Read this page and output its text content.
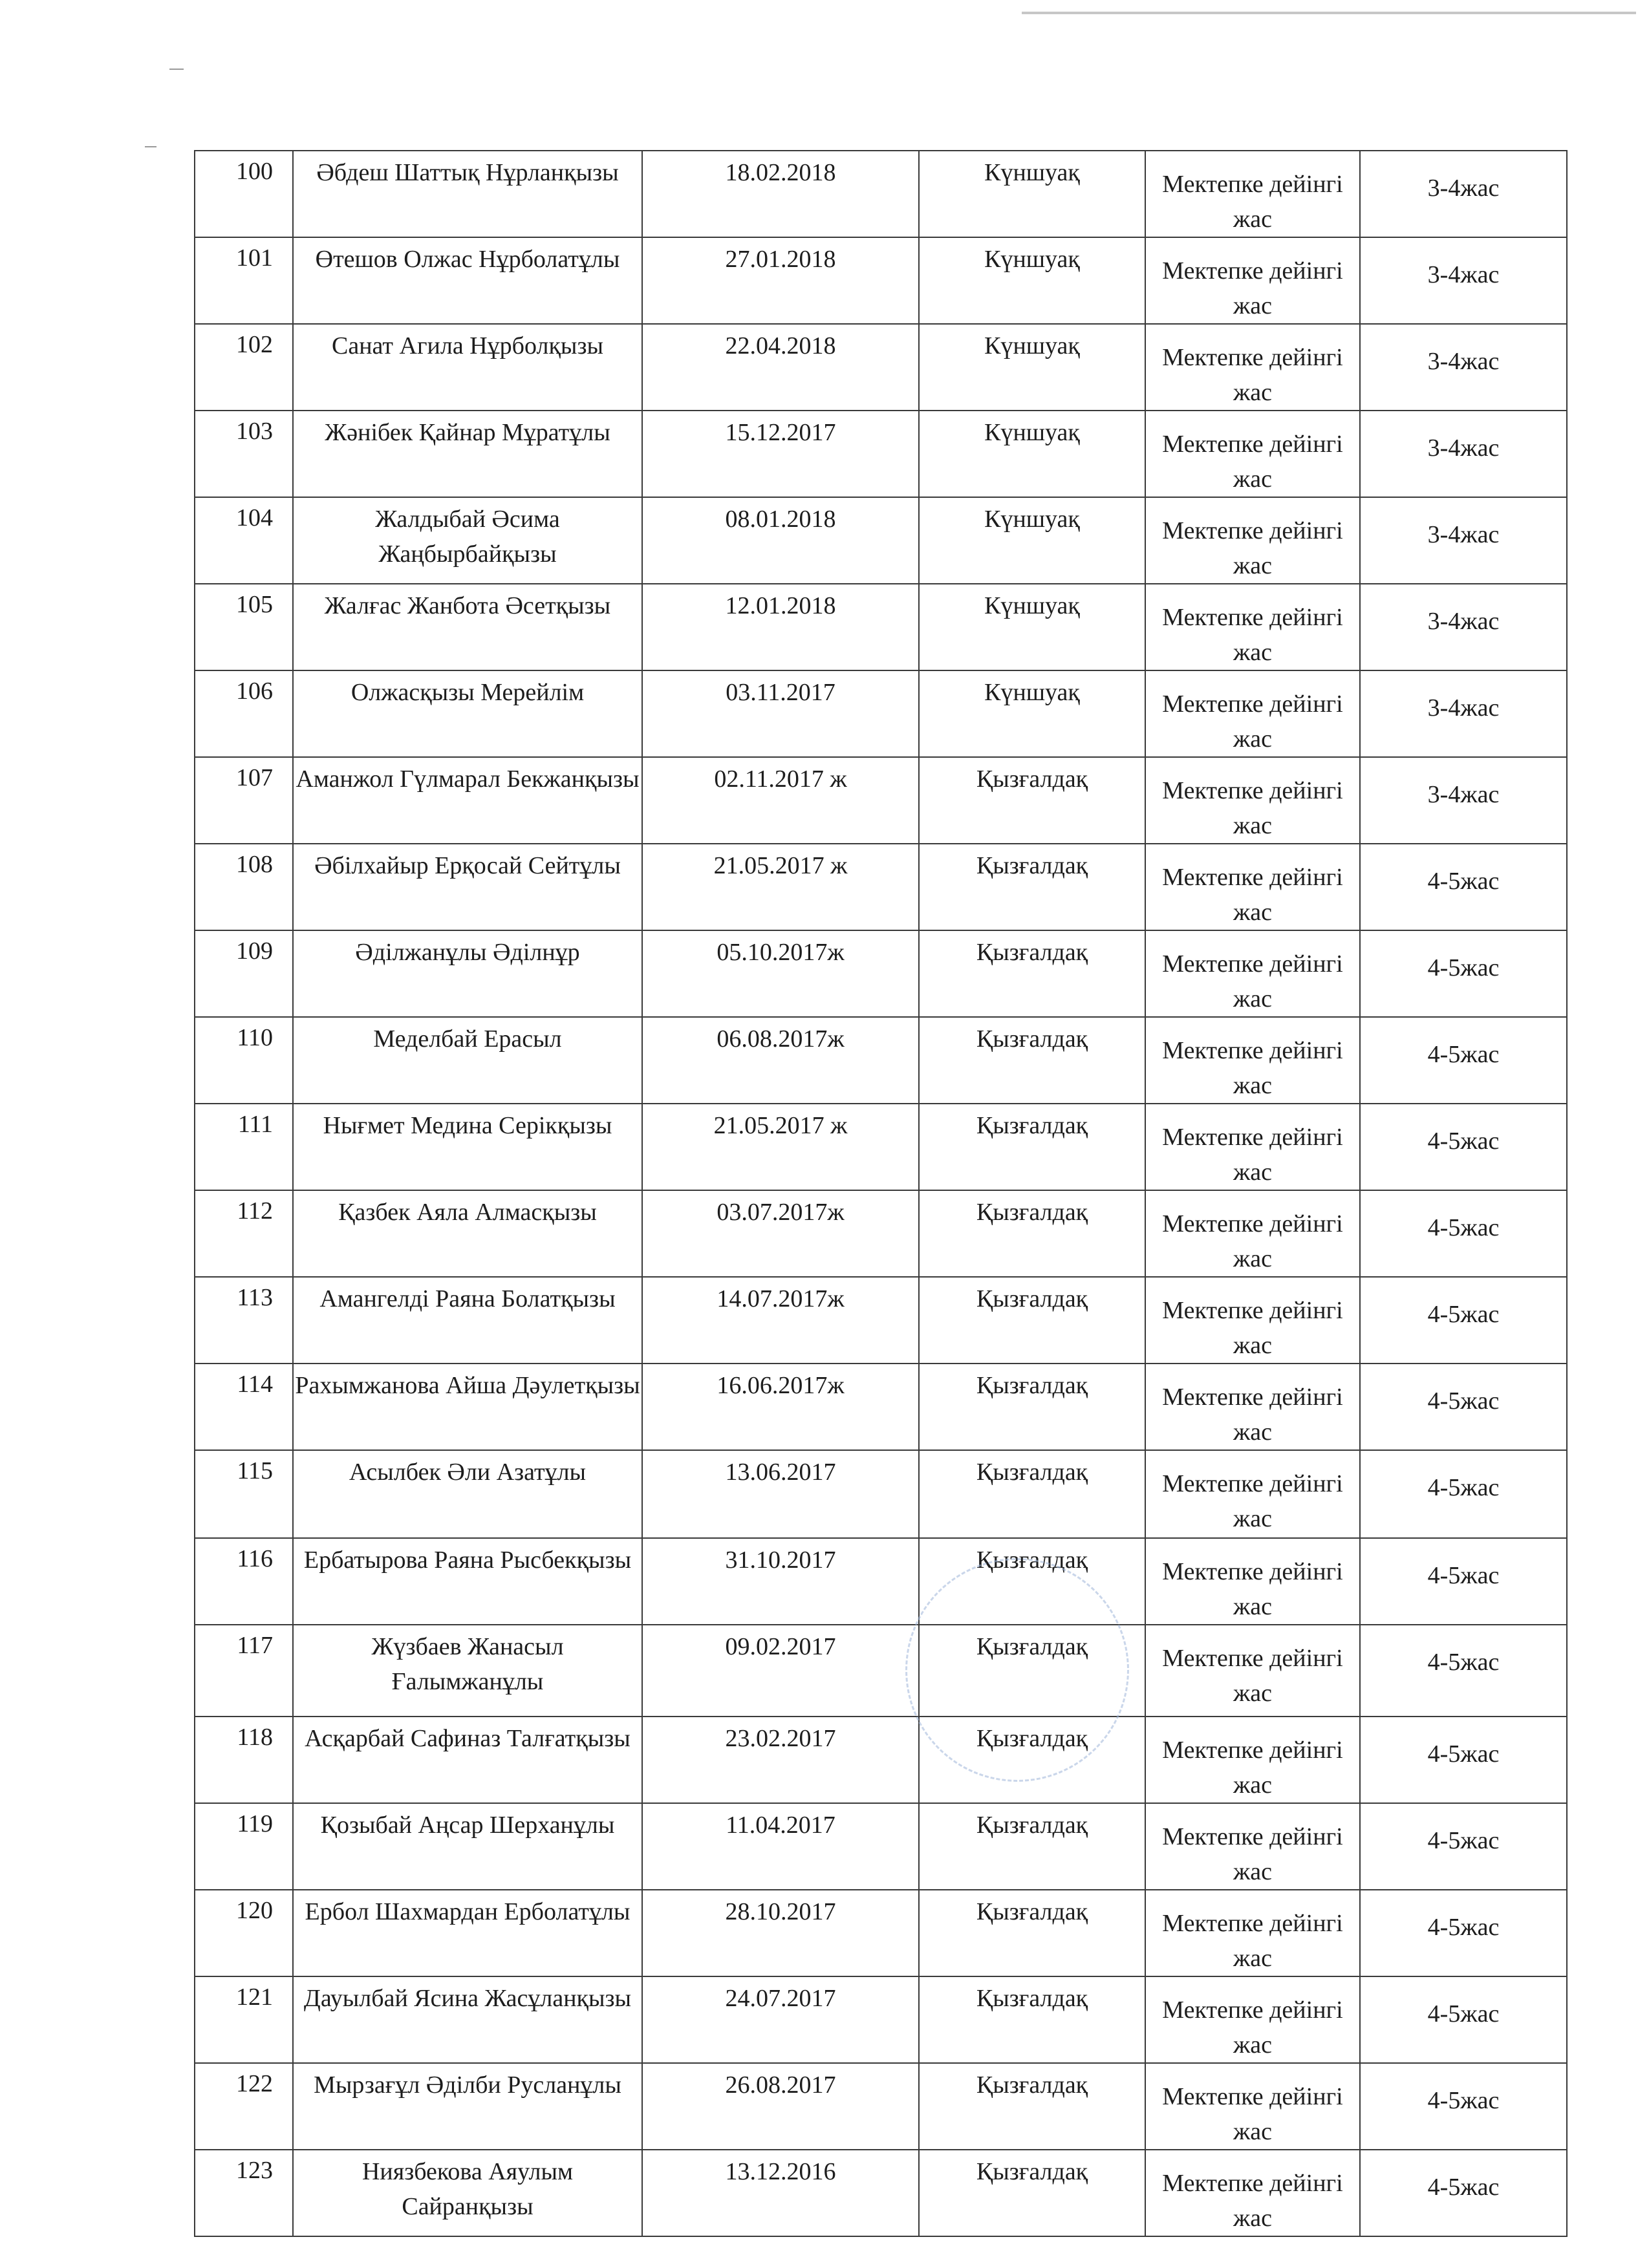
100	Әбдеш Шаттық Нұрланқызы	18.02.2018	Күншуақ	Мектепке дейінгі жас	3-4жас
101	Өтешов Олжас Нұрболатұлы	27.01.2018	Күншуақ	Мектепке дейінгі жас	3-4жас
102	Санат Агила Нұрболқызы	22.04.2018	Күншуақ	Мектепке дейінгі жас	3-4жас
103	Жәнібек Қайнар Мұратұлы	15.12.2017	Күншуақ	Мектепке дейінгі жас	3-4жас
104	Жалдыбай Әсима Жаңбырбайқызы	08.01.2018	Күншуақ	Мектепке дейінгі жас	3-4жас
105	Жалғас Жанбота Әсетқызы	12.01.2018	Күншуақ	Мектепке дейінгі жас	3-4жас
106	Олжасқызы Мерейлім	03.11.2017	Күншуақ	Мектепке дейінгі жас	3-4жас
107	Аманжол Гүлмарал Бекжанқызы	02.11.2017 ж	Қызғалдақ	Мектепке дейінгі жас	3-4жас
108	Әбілхайыр Ерқосай Сейтұлы	21.05.2017 ж	Қызғалдақ	Мектепке дейінгі жас	4-5жас
109	Әділжанұлы Әділнұр	05.10.2017ж	Қызғалдақ	Мектепке дейінгі жас	4-5жас
110	Меделбай Ерасыл	06.08.2017ж	Қызғалдақ	Мектепке дейінгі жас	4-5жас
111	Нығмет Медина Серікқызы	21.05.2017 ж	Қызғалдақ	Мектепке дейінгі жас	4-5жас
112	Қазбек Аяла Алмасқызы	03.07.2017ж	Қызғалдақ	Мектепке дейінгі жас	4-5жас
113	Амангелді Раяна Болатқызы	14.07.2017ж	Қызғалдақ	Мектепке дейінгі жас	4-5жас
114	Рахымжанова Айша Дәулетқызы	16.06.2017ж	Қызғалдақ	Мектепке дейінгі жас	4-5жас
115	Асылбек Әли Азатұлы	13.06.2017	Қызғалдақ	Мектепке дейінгі жас	4-5жас
116	Ербатырова Раяна Рысбекқызы	31.10.2017	Қызғалдақ	Мектепке дейінгі жас	4-5жас
117	Жүзбаев Жанасыл Ғалымжанұлы	09.02.2017	Қызғалдақ	Мектепке дейінгі жас	4-5жас
118	Асқарбай Сафиназ Талғатқызы	23.02.2017	Қызғалдақ	Мектепке дейінгі жас	4-5жас
119	Қозыбай Аңсар Шерханұлы	11.04.2017	Қызғалдақ	Мектепке дейінгі жас	4-5жас
120	Ербол Шахмардан Ерболатұлы	28.10.2017	Қызғалдақ	Мектепке дейінгі жас	4-5жас
121	Дауылбай Ясина Жасұланқызы	24.07.2017	Қызғалдақ	Мектепке дейінгі жас	4-5жас
122	Мырзағұл Әділби Русланұлы	26.08.2017	Қызғалдақ	Мектепке дейінгі жас	4-5жас
123	Ниязбекова Аяулым Сайранқызы	13.12.2016	Қызғалдақ	Мектепке дейінгі жас	4-5жас
